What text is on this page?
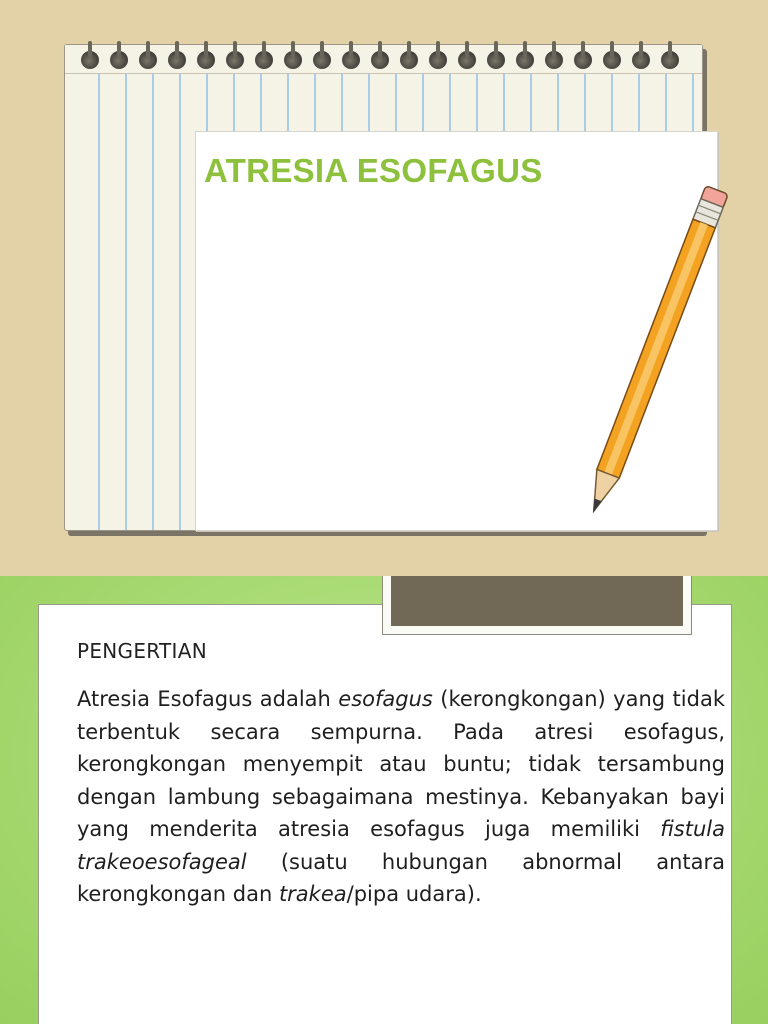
ATRESIA ESOFAGUS
PENGERTIAN

Atresia Esofagus adalah esofagus (kerongkongan) yang tidak terbentuk secara sempurna. Pada atresi esofagus, kerongkongan menyempit atau buntu; tidak tersambung dengan lambung sebagaimana mestinya. Kebanyakan bayi yang menderita atresia esofagus juga memiliki fistula trakeoesofageal (suatu hubungan abnormal antara kerongkongan dan trakea/pipa udara).
